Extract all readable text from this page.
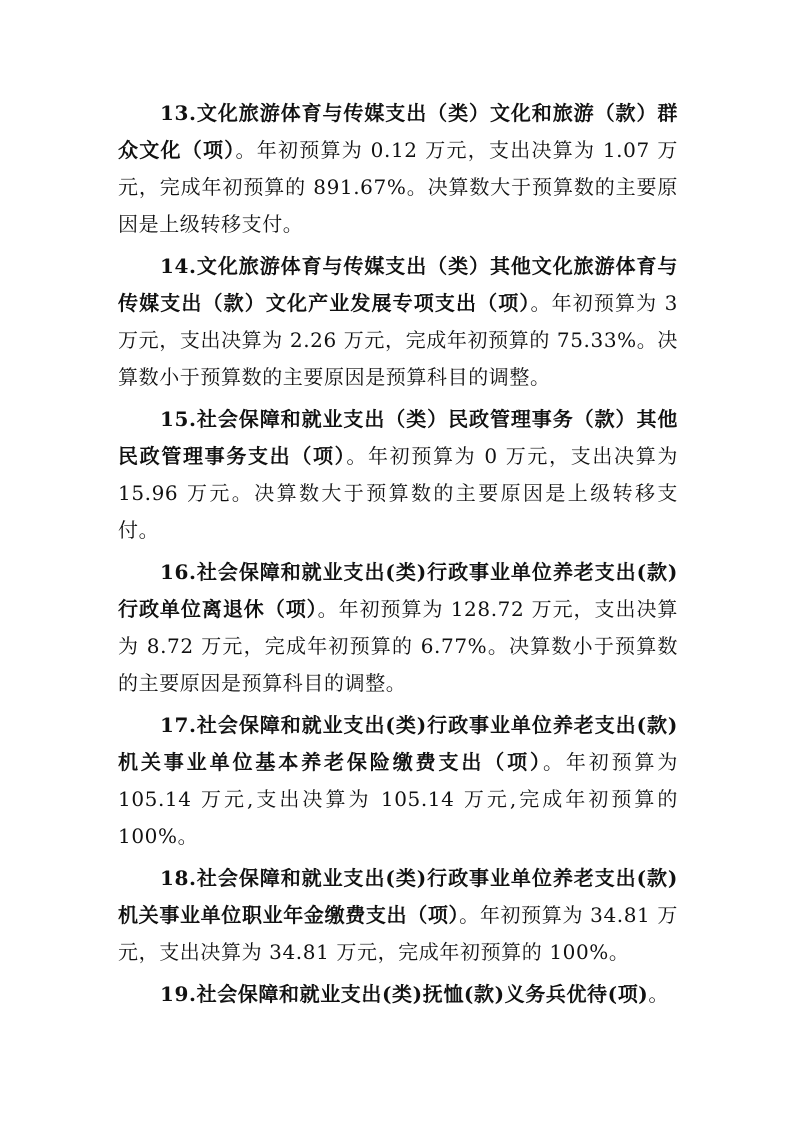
13.文化旅游体育与传媒支出（类）文化和旅游（款）群众文化（项）。年初预算为 0.12 万元，支出决算为 1.07 万元，完成年初预算的 891.67%。决算数大于预算数的主要原因是上级转移支付。

14.文化旅游体育与传媒支出（类）其他文化旅游体育与传媒支出（款）文化产业发展专项支出（项）。年初预算为 3 万元，支出决算为 2.26 万元，完成年初预算的 75.33%。决算数小于预算数的主要原因是预算科目的调整。

15.社会保障和就业支出（类）民政管理事务（款）其他民政管理事务支出（项）。年初预算为 0 万元，支出决算为 15.96 万元。决算数大于预算数的主要原因是上级转移支付。

16.社会保障和就业支出(类)行政事业单位养老支出(款)行政单位离退休（项）。年初预算为 128.72 万元，支出决算为 8.72 万元，完成年初预算的 6.77%。决算数小于预算数的主要原因是预算科目的调整。

17.社会保障和就业支出(类)行政事业单位养老支出(款)机关事业单位基本养老保险缴费支出（项）。年初预算为 105.14 万元,支出决算为 105.14 万元,完成年初预算的 100%。

18.社会保障和就业支出(类)行政事业单位养老支出(款)机关事业单位职业年金缴费支出（项）。年初预算为 34.81 万元，支出决算为 34.81 万元，完成年初预算的 100%。

19.社会保障和就业支出(类)抚恤(款)义务兵优待(项)。
